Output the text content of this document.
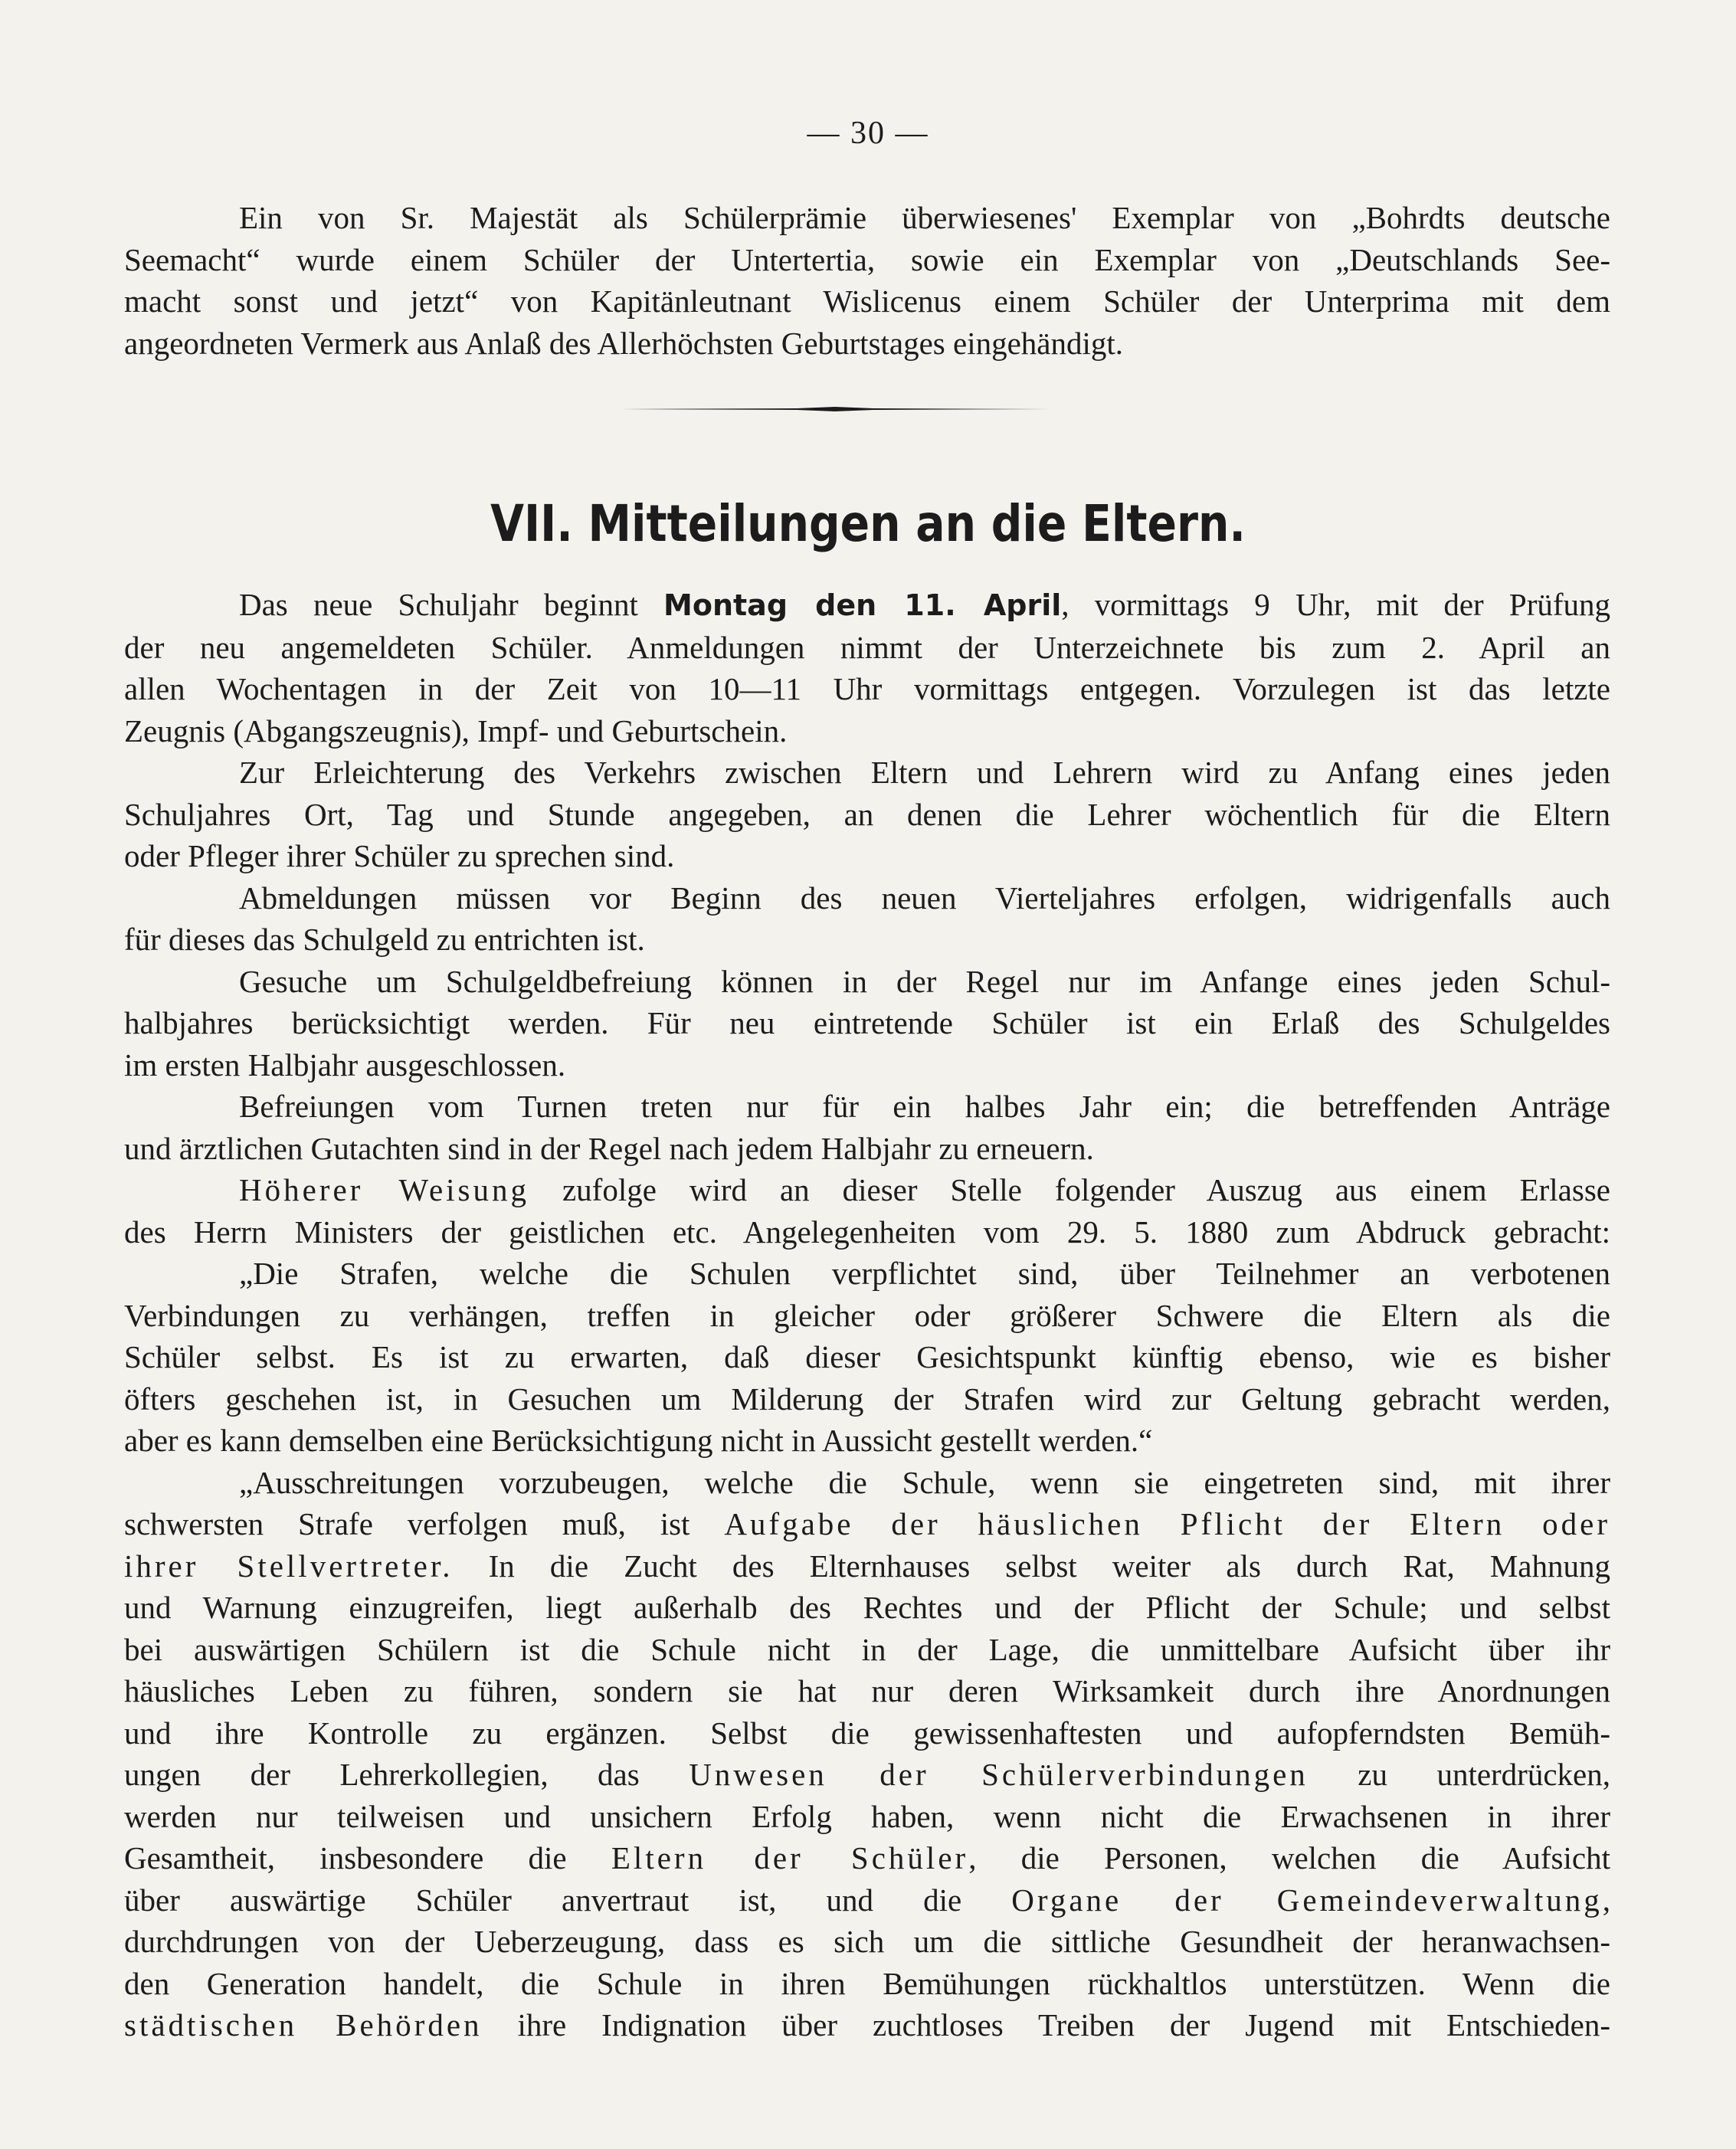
— 30 —
Ein von Sr. Majestät als Schülerprämie überwiesenes' Exemplar von „Bohrdts deutsche
Seemacht“ wurde einem Schüler der Untertertia, sowie ein Exemplar von „Deutschlands See-
macht sonst und jetzt“ von Kapitänleutnant Wislicenus einem Schüler der Unterprima mit dem
angeordneten Vermerk aus Anlaß des Allerhöchsten Geburtstages eingehändigt.
VII. Mitteilungen an die Eltern.
Das neue Schuljahr beginnt Montag den 11. April, vormittags 9 Uhr, mit der Prüfung
der neu angemeldeten Schüler. Anmeldungen nimmt der Unterzeichnete bis zum 2. April an
allen Wochentagen in der Zeit von 10—11 Uhr vormittags entgegen. Vorzulegen ist das letzte
Zeugnis (Abgangszeugnis), Impf- und Geburtschein.
Zur Erleichterung des Verkehrs zwischen Eltern und Lehrern wird zu Anfang eines jeden
Schuljahres Ort, Tag und Stunde angegeben, an denen die Lehrer wöchentlich für die Eltern
oder Pfleger ihrer Schüler zu sprechen sind.
Abmeldungen müssen vor Beginn des neuen Vierteljahres erfolgen, widrigenfalls auch
für dieses das Schulgeld zu entrichten ist.
Gesuche um Schulgeldbefreiung können in der Regel nur im Anfange eines jeden Schul-
halbjahres berücksichtigt werden. Für neu eintretende Schüler ist ein Erlaß des Schulgeldes
im ersten Halbjahr ausgeschlossen.
Befreiungen vom Turnen treten nur für ein halbes Jahr ein; die betreffenden Anträge
und ärztlichen Gutachten sind in der Regel nach jedem Halbjahr zu erneuern.
Höherer Weisung zufolge wird an dieser Stelle folgender Auszug aus einem Erlasse
des Herrn Ministers der geistlichen etc. Angelegenheiten vom 29. 5. 1880 zum Abdruck gebracht:
„Die Strafen, welche die Schulen verpflichtet sind, über Teilnehmer an verbotenen
Verbindungen zu verhängen, treffen in gleicher oder größerer Schwere die Eltern als die
Schüler selbst. Es ist zu erwarten, daß dieser Gesichtspunkt künftig ebenso, wie es bisher
öfters geschehen ist, in Gesuchen um Milderung der Strafen wird zur Geltung gebracht werden,
aber es kann demselben eine Berücksichtigung nicht in Aussicht gestellt werden.“
„Ausschreitungen vorzubeugen, welche die Schule, wenn sie eingetreten sind, mit ihrer
schwersten Strafe verfolgen muß, ist Aufgabe der häuslichen Pflicht der Eltern oder
ihrer Stellvertreter. In die Zucht des Elternhauses selbst weiter als durch Rat, Mahnung
und Warnung einzugreifen, liegt außerhalb des Rechtes und der Pflicht der Schule; und selbst
bei auswärtigen Schülern ist die Schule nicht in der Lage, die unmittelbare Aufsicht über ihr
häusliches Leben zu führen, sondern sie hat nur deren Wirksamkeit durch ihre Anordnungen
und ihre Kontrolle zu ergänzen. Selbst die gewissenhaftesten und aufopferndsten Bemüh-
ungen der Lehrerkollegien, das Unwesen der Schülerverbindungen zu unterdrücken,
werden nur teilweisen und unsichern Erfolg haben, wenn nicht die Erwachsenen in ihrer
Gesamtheit, insbesondere die Eltern der Schüler, die Personen, welchen die Aufsicht
über auswärtige Schüler anvertraut ist, und die Organe der Gemeindeverwaltung,
durchdrungen von der Ueberzeugung, dass es sich um die sittliche Gesundheit der heranwachsen-
den Generation handelt, die Schule in ihren Bemühungen rückhaltlos unterstützen. Wenn die
städtischen Behörden ihre Indignation über zuchtloses Treiben der Jugend mit Entschieden-
